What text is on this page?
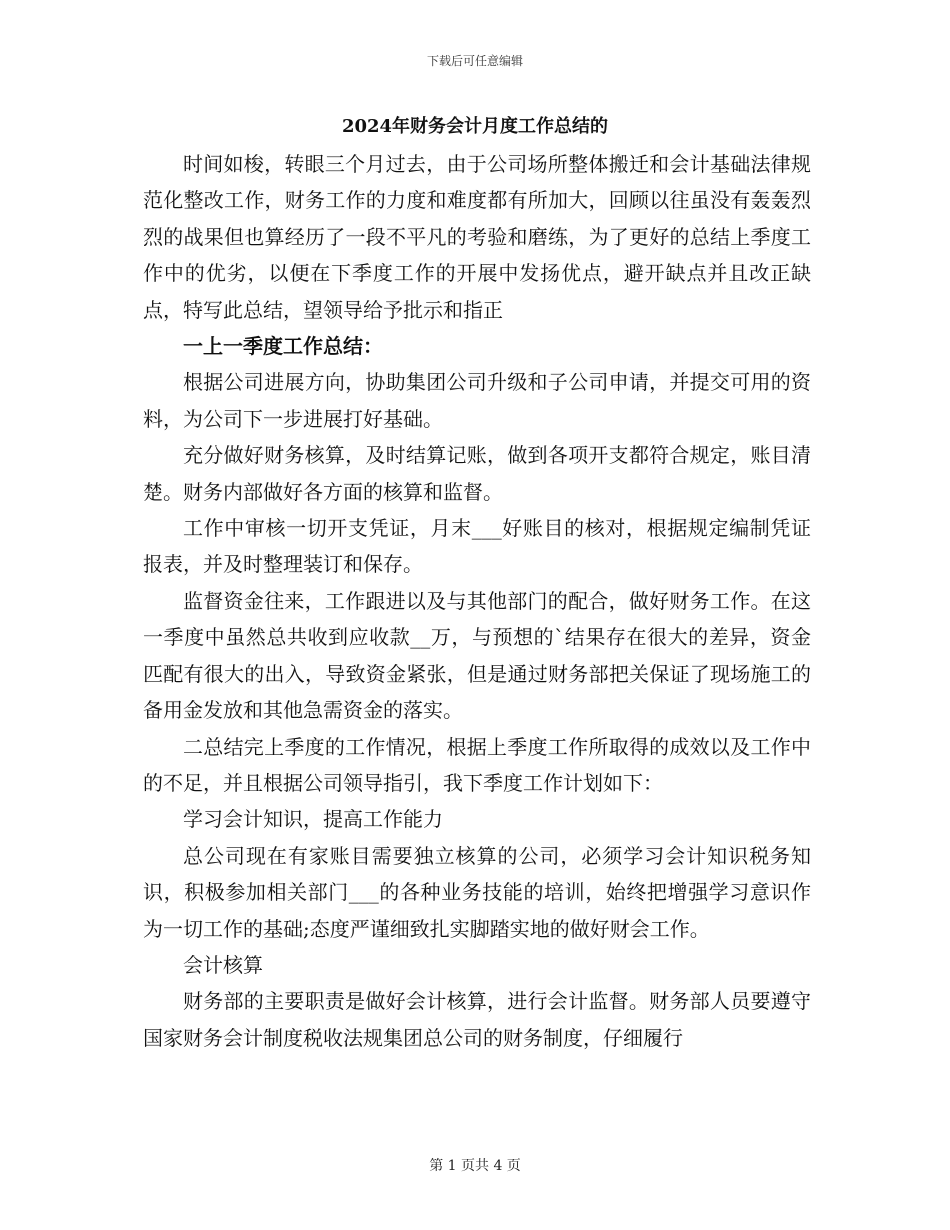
下载后可任意编辑
2024年财务会计月度工作总结的

时间如梭，转眼三个月过去，由于公司场所整体搬迁和会计基础法律规范化整改工作，财务工作的力度和难度都有所加大，回顾以往虽没有轰轰烈烈的战果但也算经历了一段不平凡的考验和磨练，为了更好的总结上季度工作中的优劣，以便在下季度工作的开展中发扬优点，避开缺点并且改正缺点，特写此总结，望领导给予批示和指正

一上一季度工作总结：

根据公司进展方向，协助集团公司升级和子公司申请，并提交可用的资料，为公司下一步进展打好基础。

充分做好财务核算，及时结算记账，做到各项开支都符合规定，账目清楚。财务内部做好各方面的核算和监督。

工作中审核一切开支凭证，月末___好账目的核对，根据规定编制凭证报表，并及时整理装订和保存。

监督资金往来，工作跟进以及与其他部门的配合，做好财务工作。在这一季度中虽然总共收到应收款__万，与预想的`结果存在很大的差异，资金匹配有很大的出入，导致资金紧张，但是通过财务部把关保证了现场施工的备用金发放和其他急需资金的落实。

二总结完上季度的工作情况，根据上季度工作所取得的成效以及工作中的不足，并且根据公司领导指引，我下季度工作计划如下：

学习会计知识，提高工作能力

总公司现在有家账目需要独立核算的公司，必须学习会计知识税务知识，积极参加相关部门___的各种业务技能的培训，始终把增强学习意识作为一切工作的基础;态度严谨细致扎实脚踏实地的做好财会工作。

会计核算

财务部的主要职责是做好会计核算，进行会计监督。财务部人员要遵守国家财务会计制度税收法规集团总公司的财务制度，仔细履行

第 1 页共 4 页
